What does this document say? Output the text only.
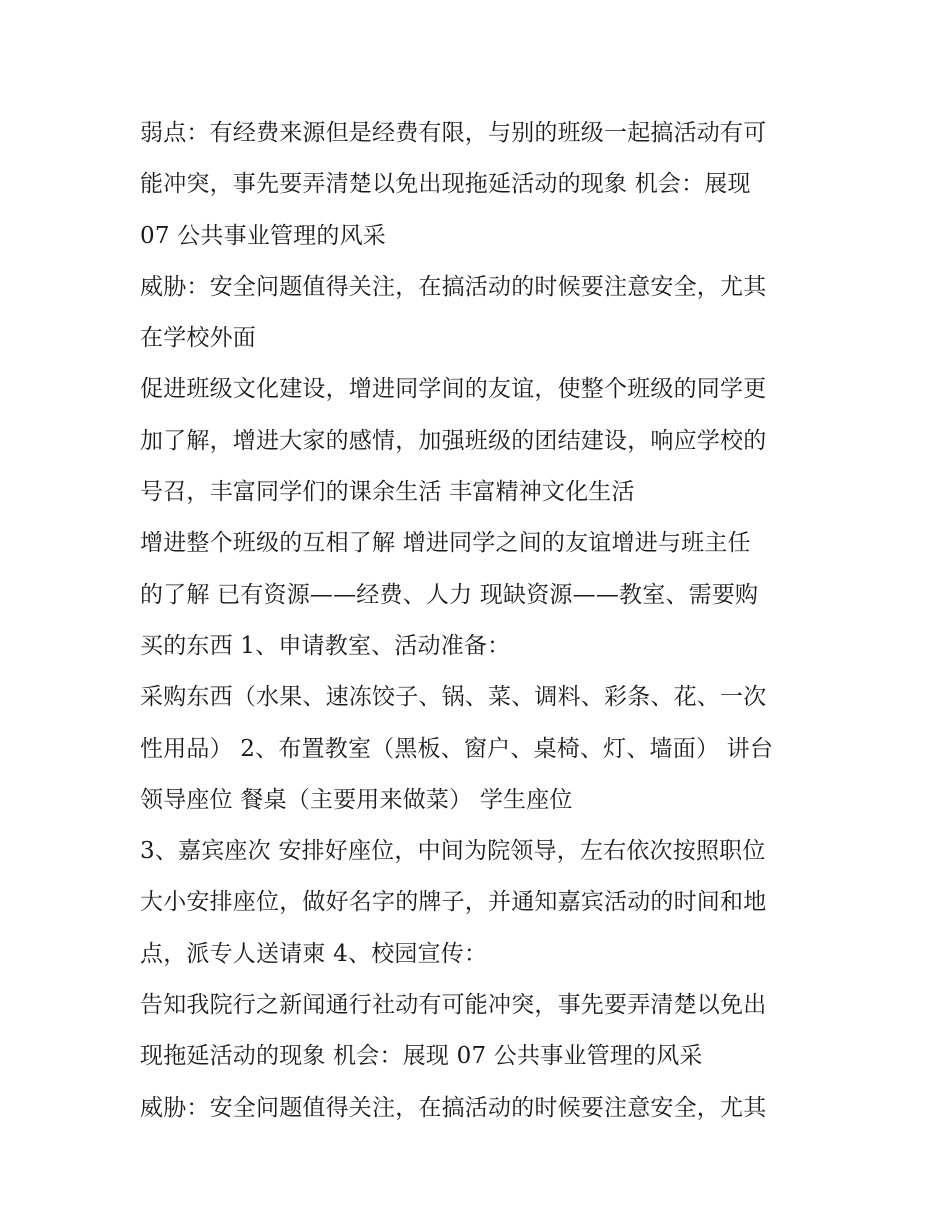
弱点：有经费来源但是经费有限，与别的班级一起搞活动有可
能冲突，事先要弄清楚以免出现拖延活动的现象 机会：展现
07 公共事业管理的风采
威胁：安全问题值得关注，在搞活动的时候要注意安全，尤其
在学校外面
促进班级文化建设，增进同学间的友谊，使整个班级的同学更
加了解，增进大家的感情，加强班级的团结建设，响应学校的
号召，丰富同学们的课余生活 丰富精神文化生活
增进整个班级的互相了解 增进同学之间的友谊增进与班主任
的了解 已有资源——经费、人力 现缺资源——教室、需要购
买的东西 1、申请教室、活动准备：
采购东西（水果、速冻饺子、锅、菜、调料、彩条、花、一次
性用品） 2、布置教室（黑板、窗户、桌椅、灯、墙面） 讲台
领导座位 餐桌（主要用来做菜） 学生座位
3、嘉宾座次 安排好座位，中间为院领导，左右依次按照职位
大小安排座位，做好名字的牌子，并通知嘉宾活动的时间和地
点，派专人送请柬 4、校园宣传：
告知我院行之新闻通行社动有可能冲突，事先要弄清楚以免出
现拖延活动的现象 机会：展现 07 公共事业管理的风采
威胁：安全问题值得关注，在搞活动的时候要注意安全，尤其
